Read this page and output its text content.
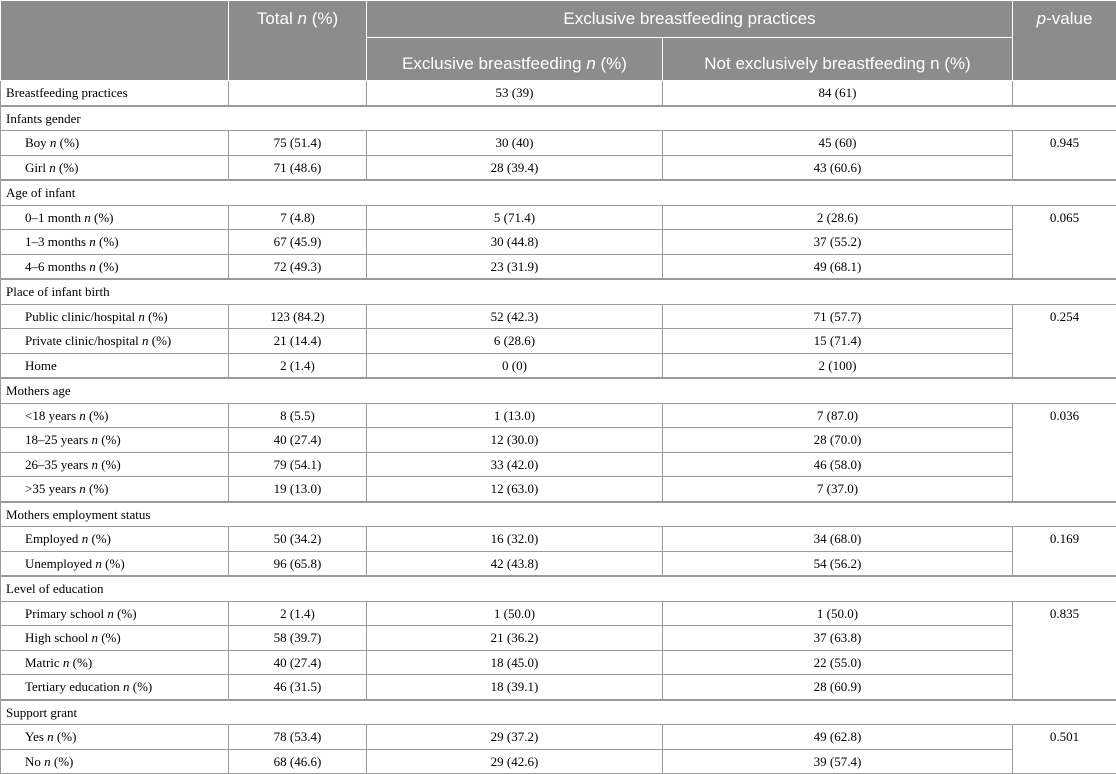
	Total n (%)	Exclusive breastfeeding practices		p-value
		Exclusive breastfeeding n (%)	Not exclusively breastfeeding n (%)	
Breastfeeding practices		53 (39)	84 (61)	
Infants gender				
Boy n (%)	75 (51.4)	30 (40)	45 (60)	0.945
Girl n (%)	71 (48.6)	28 (39.4)	43 (60.6)	
Age of infant				
0–1 month n (%)	7 (4.8)	5 (71.4)	2 (28.6)	0.065
1–3 months n (%)	67 (45.9)	30 (44.8)	37 (55.2)	
4–6 months n (%)	72 (49.3)	23 (31.9)	49 (68.1)	
Place of infant birth				
Public clinic/hospital n (%)	123 (84.2)	52 (42.3)	71 (57.7)	0.254
Private clinic/hospital n (%)	21 (14.4)	6 (28.6)	15 (71.4)	
Home	2 (1.4)	0 (0)	2 (100)	
Mothers age				
<18 years n (%)	8 (5.5)	1 (13.0)	7 (87.0)	0.036
18–25 years n (%)	40 (27.4)	12 (30.0)	28 (70.0)	
26–35 years n (%)	79 (54.1)	33 (42.0)	46 (58.0)	
>35 years n (%)	19 (13.0)	12 (63.0)	7 (37.0)	
Mothers employment status				
Employed n (%)	50 (34.2)	16 (32.0)	34 (68.0)	0.169
Unemployed n (%)	96 (65.8)	42 (43.8)	54 (56.2)	
Level of education				
Primary school n (%)	2 (1.4)	1 (50.0)	1 (50.0)	0.835
High school n (%)	58 (39.7)	21 (36.2)	37 (63.8)	
Matric n (%)	40 (27.4)	18 (45.0)	22 (55.0)	
Tertiary education n (%)	46 (31.5)	18 (39.1)	28 (60.9)	
Support grant				
Yes n (%)	78 (53.4)	29 (37.2)	49 (62.8)	0.501
No n (%)	68 (46.6)	29 (42.6)	39 (57.4)	
